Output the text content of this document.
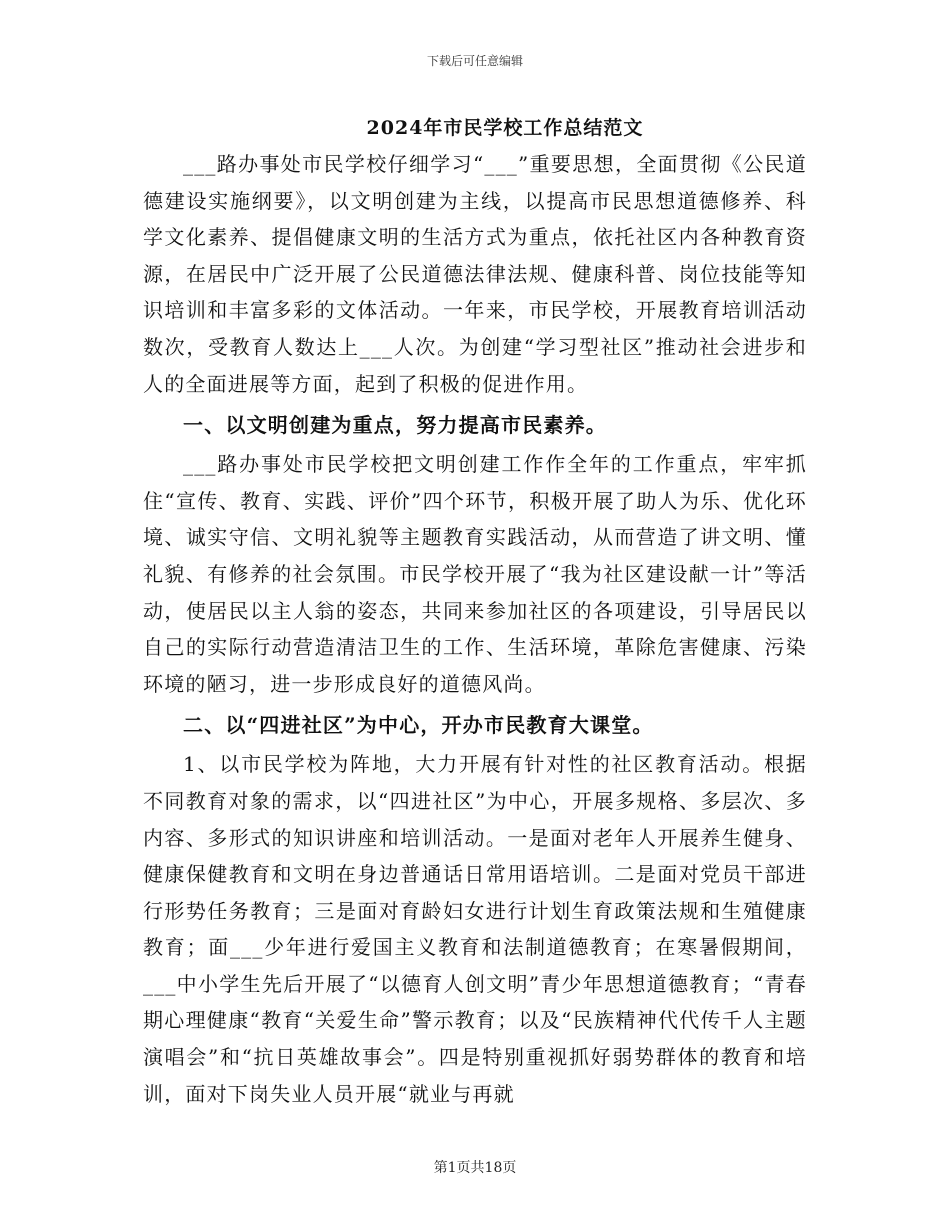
下载后可任意编辑
2024年市民学校工作总结范文

___路办事处市民学校仔细学习“___”重要思想，全面贯彻《公民道德建设实施纲要》，以文明创建为主线，以提高市民思想道德修养、科学文化素养、提倡健康文明的生活方式为重点，依托社区内各种教育资源，在居民中广泛开展了公民道德法律法规、健康科普、岗位技能等知识培训和丰富多彩的文体活动。一年来，市民学校，开展教育培训活动数次，受教育人数达上___人次。为创建“学习型社区”推动社会进步和人的全面进展等方面，起到了积极的促进作用。

一、以文明创建为重点，努力提高市民素养。

___路办事处市民学校把文明创建工作作全年的工作重点，牢牢抓住“宣传、教育、实践、评价”四个环节，积极开展了助人为乐、优化环境、诚实守信、文明礼貌等主题教育实践活动，从而营造了讲文明、懂礼貌、有修养的社会氛围。市民学校开展了“我为社区建设献一计”等活动，使居民以主人翁的姿态，共同来参加社区的各项建设，引导居民以自己的实际行动营造清洁卫生的工作、生活环境，革除危害健康、污染环境的陋习，进一步形成良好的道德风尚。

二、以“四进社区”为中心，开办市民教育大课堂。

1、以市民学校为阵地，大力开展有针对性的社区教育活动。根据不同教育对象的需求，以“四进社区”为中心，开展多规格、多层次、多内容、多形式的知识讲座和培训活动。一是面对老年人开展养生健身、健康保健教育和文明在身边普通话日常用语培训。二是面对党员干部进行形势任务教育；三是面对育龄妇女进行计划生育政策法规和生殖健康教育；面___少年进行爱国主义教育和法制道德教育；在寒暑假期间，___中小学生先后开展了“以德育人创文明”青少年思想道德教育；“青春期心理健康“教育“关爱生命”警示教育；以及“民族精神代代传千人主题演唱会”和“抗日英雄故事会”。四是特别重视抓好弱势群体的教育和培训，面对下岗失业人员开展“就业与再就

第1页共18页
